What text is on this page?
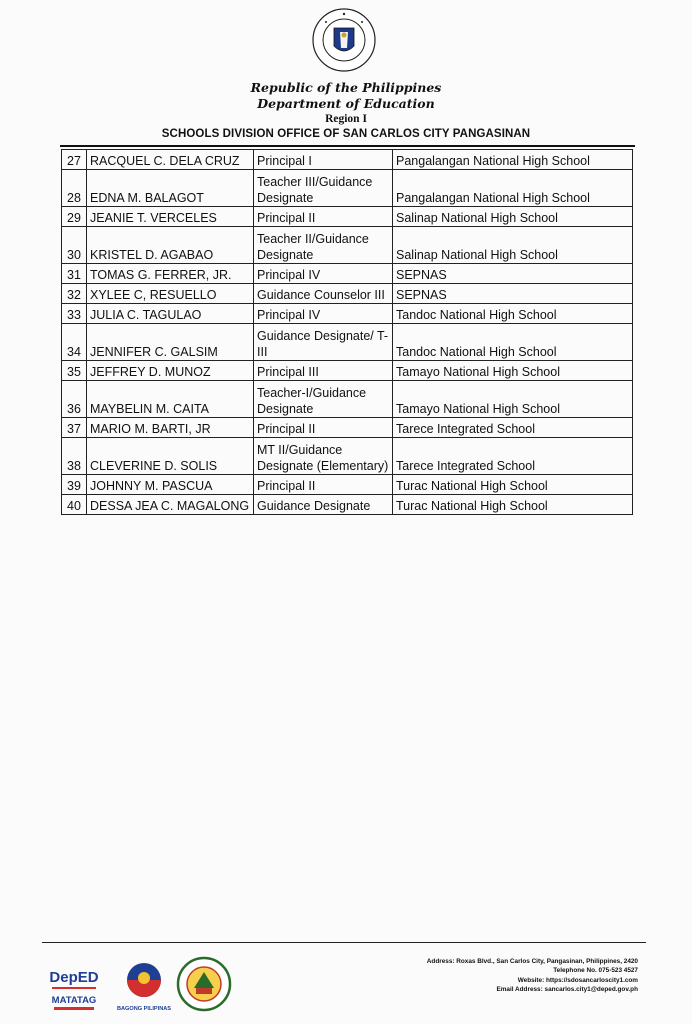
Republic of the Philippines
Department of Education
Region I
SCHOOLS DIVISION OFFICE OF SAN CARLOS CITY PANGASINAN
27	RACQUEL C. DELA CRUZ	Principal I	Pangalangan National High School
28	EDNA M. BALAGOT	Teacher III/Guidance Designate	Pangalangan National High School
29	JEANIE T. VERCELES	Principal II	Salinap National High School
30	KRISTEL D. AGABAO	Teacher II/Guidance Designate	Salinap National High School
31	TOMAS G. FERRER, JR.	Principal IV	SEPNAS
32	XYLEE C, RESUELLO	Guidance Counselor III	SEPNAS
33	JULIA C. TAGULAO	Principal IV	Tandoc National High School
34	JENNIFER C. GALSIM	Guidance Designate/ T-III	Tandoc National High School
35	JEFFREY D. MUNOZ	Principal III	Tamayo National High School
36	MAYBELIN M. CAITA	Teacher-I/Guidance Designate	Tamayo National High School
37	MARIO M. BARTI, JR	Principal II	Tarece Integrated School
38	CLEVERINE D. SOLIS	MT II/Guidance Designate (Elementary)	Tarece Integrated School
39	JOHNNY M. PASCUA	Principal II	Turac National High School
40	DESSA JEA C. MAGALONG	Guidance Designate	Turac National High School
DepED
MATATAG
BAGONG PILIPINAS
Address: Roxas Blvd., San Carlos City, Pangasinan, Philippines, 2420
Telephone No. 075-523 4527
Website: https://sdosancarloscity1.com
Email Address: sancarlos.city1@deped.gov.ph
